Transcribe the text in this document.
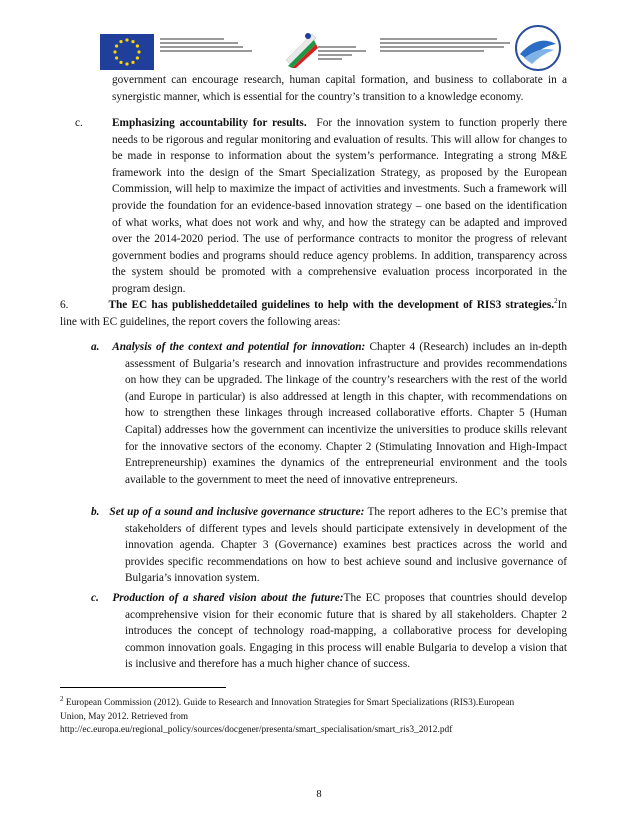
government can encourage research, human capital formation, and business to collaborate in a synergistic manner, which is essential for the country’s transition to a knowledge economy.
c.	Emphasizing accountability for results. For the innovation system to function properly there needs to be rigorous and regular monitoring and evaluation of results. This will allow for changes to be made in response to information about the system’s performance. Integrating a strong M&E framework into the design of the Smart Specialization Strategy, as proposed by the European Commission, will help to maximize the impact of activities and investments. Such a framework will provide the foundation for an evidence-based innovation strategy – one based on the identification of what works, what does not work and why, and how the strategy can be adapted and improved over the 2014-2020 period. The use of performance contracts to monitor the progress of relevant government bodies and programs should reduce agency problems. In addition, transparency across the system should be promoted with a comprehensive evaluation process incorporated in the program design.
6.	The EC has publisheddetailed guidelines to help with the development of RIS3 strategies.$^2$In line with EC guidelines, the report covers the following areas:
a. Analysis of the context and potential for innovation: Chapter 4 (Research) includes an in-depth assessment of Bulgaria’s research and innovation infrastructure and provides recommendations on how they can be upgraded. The linkage of the country’s researchers with the rest of the world (and Europe in particular) is also addressed at length in this chapter, with recommendations on how to strengthen these linkages through increased collaborative efforts. Chapter 5 (Human Capital) addresses how the government can incentivize the universities to produce skills relevant for the innovative sectors of the economy. Chapter 2 (Stimulating Innovation and High-Impact Entrepreneurship) examines the dynamics of the entrepreneurial environment and the tools available to the government to meet the need of innovative entrepreneurs.
b. Set up of a sound and inclusive governance structure: The report adheres to the EC’s premise that stakeholders of different types and levels should participate extensively in development of the innovation agenda. Chapter 3 (Governance) examines best practices across the world and provides specific recommendations on how to best achieve sound and inclusive governance of Bulgaria’s innovation system.
c. Production of a shared vision about the future:The EC proposes that countries should develop acomprehensive vision for their economic future that is shared by all stakeholders. Chapter 2 introduces the concept of technology road-mapping, a collaborative process for developing common innovation goals. Engaging in this process will enable Bulgaria to develop a vision that is inclusive and therefore has a much higher chance of success.
$^2$ European Commission (2012). Guide to Research and Innovation Strategies for Smart Specializations (RIS3).European Union, May 2012. Retrieved from http://ec.europa.eu/regional_policy/sources/docgener/presenta/smart_specialisation/smart_ris3_2012.pdf
8
